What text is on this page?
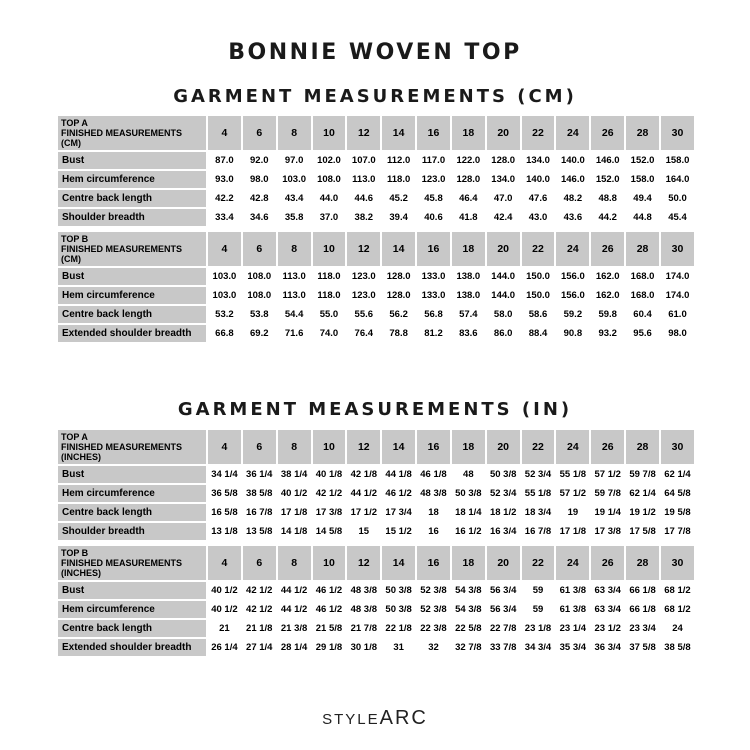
BONNIE WOVEN TOP
GARMENT MEASUREMENTS (CM)
TOP A
FINISHED MEASUREMENTS
(CM)	4	6	8	10	12	14	16	18	20	22	24	26	28	30
Bust	87.0	92.0	97.0	102.0	107.0	112.0	117.0	122.0	128.0	134.0	140.0	146.0	152.0	158.0
Hem circumference	93.0	98.0	103.0	108.0	113.0	118.0	123.0	128.0	134.0	140.0	146.0	152.0	158.0	164.0
Centre back length	42.2	42.8	43.4	44.0	44.6	45.2	45.8	46.4	47.0	47.6	48.2	48.8	49.4	50.0
Shoulder breadth	33.4	34.6	35.8	37.0	38.2	39.4	40.6	41.8	42.4	43.0	43.6	44.2	44.8	45.4

TOP B
FINISHED MEASUREMENTS
(CM)	4	6	8	10	12	14	16	18	20	22	24	26	28	30
Bust	103.0	108.0	113.0	118.0	123.0	128.0	133.0	138.0	144.0	150.0	156.0	162.0	168.0	174.0
Hem circumference	103.0	108.0	113.0	118.0	123.0	128.0	133.0	138.0	144.0	150.0	156.0	162.0	168.0	174.0
Centre back length	53.2	53.8	54.4	55.0	55.6	56.2	56.8	57.4	58.0	58.6	59.2	59.8	60.4	61.0
Extended shoulder breadth	66.8	69.2	71.6	74.0	76.4	78.8	81.2	83.6	86.0	88.4	90.8	93.2	95.6	98.0
GARMENT MEASUREMENTS (IN)
TOP A
FINISHED MEASUREMENTS
(INCHES)	4	6	8	10	12	14	16	18	20	22	24	26	28	30
Bust	34 1/4	36 1/4	38 1/4	40 1/8	42 1/8	44 1/8	46 1/8	48	50 3/8	52 3/4	55 1/8	57 1/2	59 7/8	62 1/4
Hem circumference	36 5/8	38 5/8	40 1/2	42 1/2	44 1/2	46 1/2	48 3/8	50 3/8	52 3/4	55 1/8	57 1/2	59 7/8	62 1/4	64 5/8
Centre back length	16 5/8	16 7/8	17 1/8	17 3/8	17 1/2	17 3/4	18	18 1/4	18 1/2	18 3/4	19	19 1/4	19 1/2	19 5/8
Shoulder breadth	13 1/8	13 5/8	14 1/8	14 5/8	15	15 1/2	16	16 1/2	16 3/4	16 7/8	17 1/8	17 3/8	17 5/8	17 7/8

TOP B
FINISHED MEASUREMENTS
(INCHES)	4	6	8	10	12	14	16	18	20	22	24	26	28	30
Bust	40 1/2	42 1/2	44 1/2	46 1/2	48 3/8	50 3/8	52 3/8	54 3/8	56 3/4	59	61 3/8	63 3/4	66 1/8	68 1/2
Hem circumference	40 1/2	42 1/2	44 1/2	46 1/2	48 3/8	50 3/8	52 3/8	54 3/8	56 3/4	59	61 3/8	63 3/4	66 1/8	68 1/2
Centre back length	21	21 1/8	21 3/8	21 5/8	21 7/8	22 1/8	22 3/8	22 5/8	22 7/8	23 1/8	23 1/4	23 1/2	23 3/4	24
Extended shoulder breadth	26 1/4	27 1/4	28 1/4	29 1/8	30 1/8	31	32	32 7/8	33 7/8	34 3/4	35 3/4	36 3/4	37 5/8	38 5/8
STYLEARC
